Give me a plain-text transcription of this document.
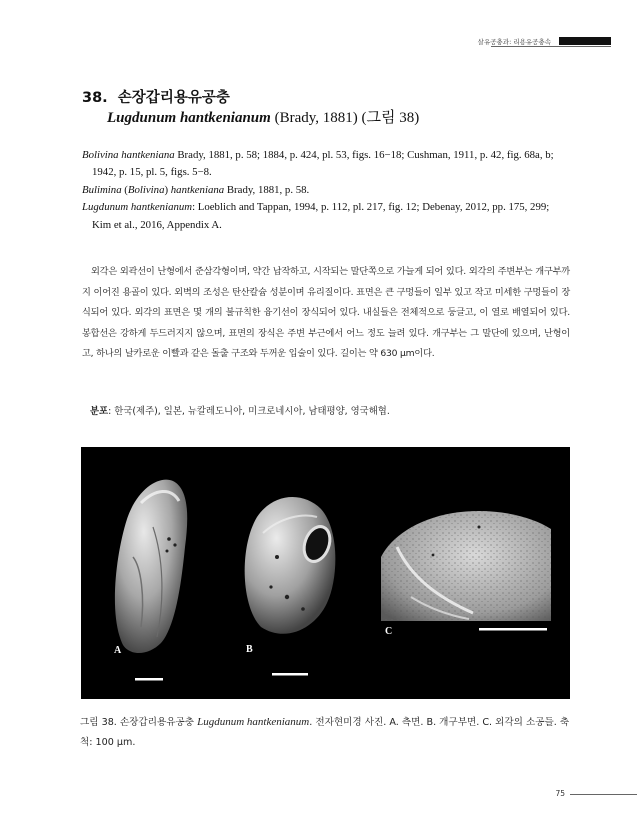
살유공충과: 리용유공충속
38. 손장갑리용유공충
Lugdunum hantkenianum (Brady, 1881) (그림 38)

Bolivina hantkeniana Brady, 1881, p. 58; 1884, p. 424, pl. 53, figs. 16−18; Cushman, 1911, p. 42, fig. 68a, b;

1942, p. 15, pl. 5, figs. 5−8.

Bulimina (Bolivina) hantkeniana Brady, 1881, p. 58.

Lugdunum hantkenianum: Loeblich and Tappan, 1994, p. 112, pl. 217, fig. 12; Debenay, 2012, pp. 175, 299;

Kim et al., 2016, Appendix A.

외각은 외곽선이 난형에서 준삼각형이며, 약간 납작하고, 시작되는 말단쪽으로 가늘게 되어 있다. 외각의 주변부는 개구부까지 이어진 용골이 있다. 외벽의 조성은 탄산칼슘 성분이며 유리질이다. 표면은 큰 구멍들이 일부 있고 작고 미세한 구멍들이 장식되어 있다. 외각의 표면은 몇 개의 불규칙한 융기선이 장식되어 있다. 내실들은 전체적으로 둥글고, 이 열로 배열되어 있다. 봉합선은 강하게 두드러지지 않으며, 표면의 장식은 주변 부근에서 어느 정도 늘려 있다. 개구부는 그 말단에 있으며, 난형이고, 하나의 날카로운 이빨과 같은 돌출 구조와 두꺼운 입술이 있다. 길이는 약 630 μm이다.
분포: 한국(제주), 일본, 뉴칼레도니아, 미크로네시아, 남태평양, 영국해협.
A	B
C
그림 38. 손장갑리용유공충 Lugdunum hantkenianum. 전자현미경 사진. A. 측면. B. 개구부면. C. 외각의 소공들. 축척: 100 μm.
75
